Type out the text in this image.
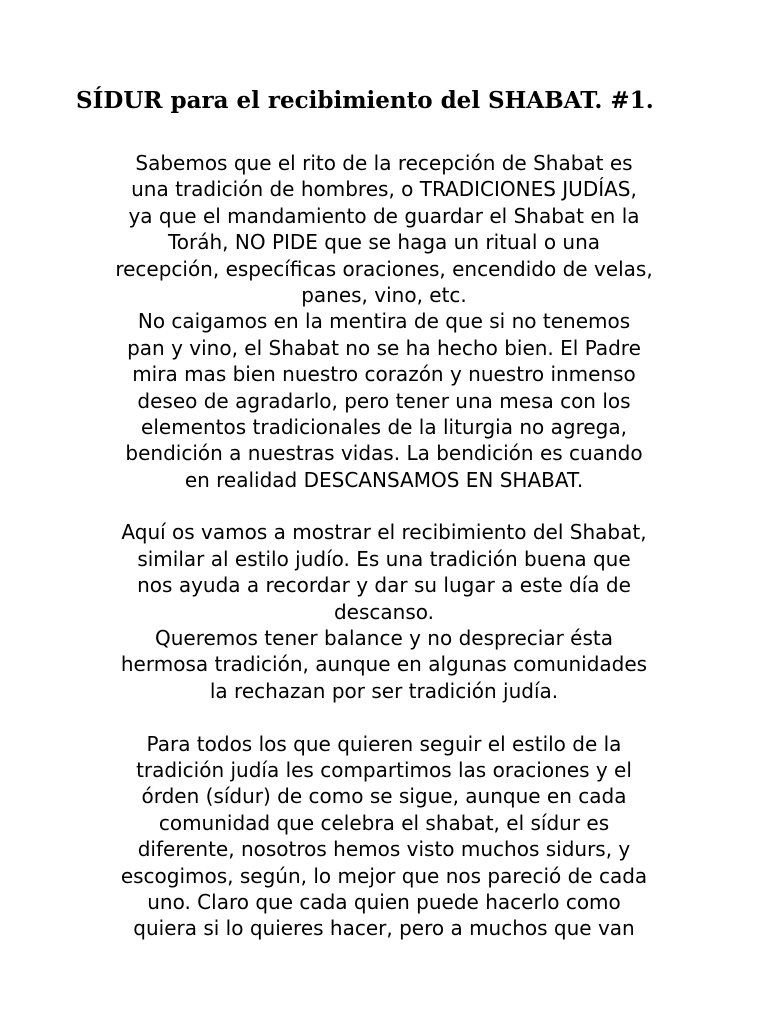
SÍDUR para el recibimiento del SHABAT. #1.
Sabemos que el rito de la recepción de Shabat es
una tradición de hombres, o TRADICIONES JUDÍAS,
ya que el mandamiento de guardar el Shabat en la
Toráh, NO PIDE que se haga un ritual o una
recepción, específicas oraciones, encendido de velas,
panes, vino, etc.
No caigamos en la mentira de que si no tenemos
pan y vino, el Shabat no se ha hecho bien. El Padre
mira mas bien nuestro corazón y nuestro inmenso
deseo de agradarlo, pero tener una mesa con los
elementos tradicionales de la liturgia no agrega,
bendición a nuestras vidas. La bendición es cuando
en realidad DESCANSAMOS EN SHABAT.
Aquí os vamos a mostrar el recibimiento del Shabat,
similar al estilo judío. Es una tradición buena que
nos ayuda a recordar y dar su lugar a este día de
descanso.
Queremos tener balance y no despreciar ésta
hermosa tradición, aunque en algunas comunidades
la rechazan por ser tradición judía.
Para todos los que quieren seguir el estilo de la
tradición judía les compartimos las oraciones y el
órden (sídur) de como se sigue, aunque en cada
comunidad que celebra el shabat, el sídur es
diferente, nosotros hemos visto muchos sidurs, y
escogimos, según, lo mejor que nos pareció de cada
uno. Claro que cada quien puede hacerlo como
quiera si lo quieres hacer, pero a muchos que van
